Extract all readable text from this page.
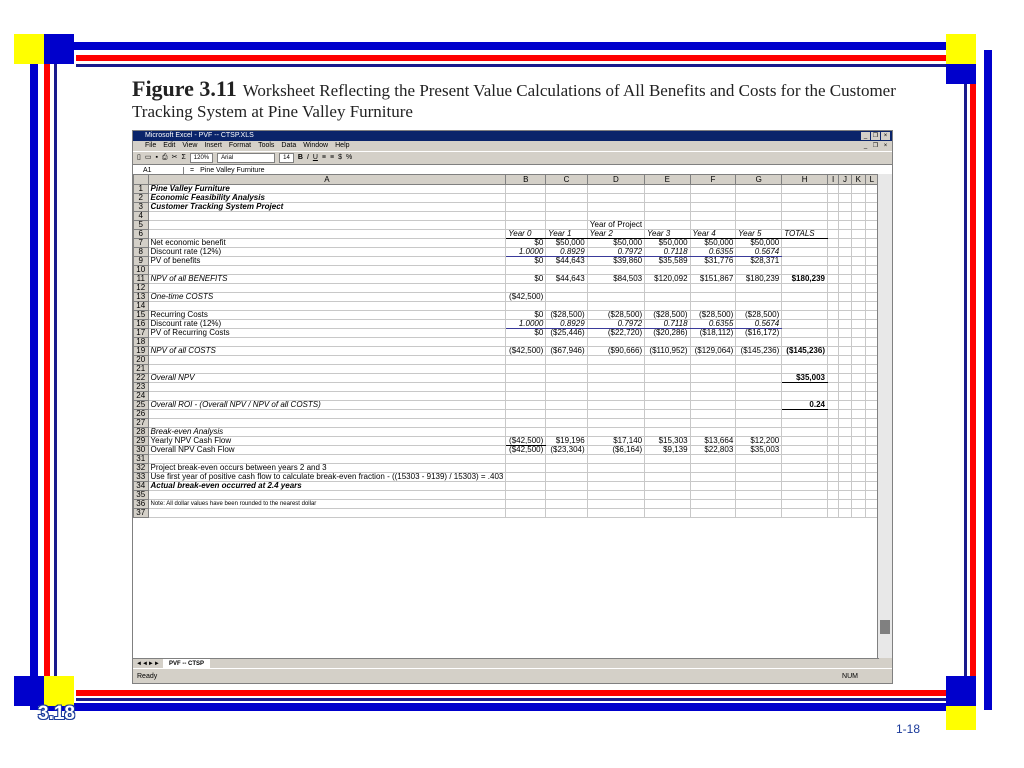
3.18
1-18
Figure 3.11 Worksheet Reflecting the Present Value Calculations of All Benefits and Costs for the Customer Tracking System at Pine Valley Furniture
Microsoft Excel - PVF -- CTSP.XLS	_ ❐ ×
File Edit View Insert Format Tools Data Window Help	_ ❐ ×
▯ ▭ ▪ ⎙ ✂ Σ	120%	Arial	14	B I U ≡ ≡ $ %
A1	= Pine Valley Furniture
	A	B	C	D	E	F	G	H	I	J	K	L
1	Pine Valley Furniture											
2	Economic Feasibility Analysis											
3	Customer Tracking System Project											
4												
5				Year of Project								
6		Year 0	Year 1	Year 2	Year 3	Year 4	Year 5	TOTALS				
7	Net economic benefit	$0	$50,000	$50,000	$50,000	$50,000	$50,000					
8	Discount rate (12%)	1.0000	0.8929	0.7972	0.7118	0.6355	0.5674					
9	PV of benefits	$0	$44,643	$39,860	$35,589	$31,776	$28,371					
10												
11	NPV of all BENEFITS	$0	$44,643	$84,503	$120,092	$151,867	$180,239	$180,239				
12												
13	One-time COSTS	($42,500)										
14												
15	Recurring Costs	$0	($28,500)	($28,500)	($28,500)	($28,500)	($28,500)					
16	Discount rate (12%)	1.0000	0.8929	0.7972	0.7118	0.6355	0.5674					
17	PV of Recurring Costs	$0	($25,446)	($22,720)	($20,286)	($18,112)	($16,172)					
18												
19	NPV of all COSTS	($42,500)	($67,946)	($90,666)	($110,952)	($129,064)	($145,236)	($145,236)				
20												
21												
22	Overall NPV							$35,003				
23												
24												
25	Overall ROI - (Overall NPV / NPV of all COSTS)							0.24				
26												
27												
28	Break-even Analysis											
29	Yearly NPV Cash Flow	($42,500)	$19,196	$17,140	$15,303	$13,664	$12,200					
30	Overall NPV Cash Flow	($42,500)	($23,304)	($6,164)	$9,139	$22,803	$35,003					
31												
32	Project break-even occurs between years 2 and 3											
33	Use first year of positive cash flow to calculate break-even fraction - ((15303 - 9139) / 15303) = .403											
34	Actual break-even occurred at 2.4 years											
35												
36	Note: All dollar values have been rounded to the nearest dollar											
37												
◄◄►►	PVF -- CTSP
Ready	NUM
